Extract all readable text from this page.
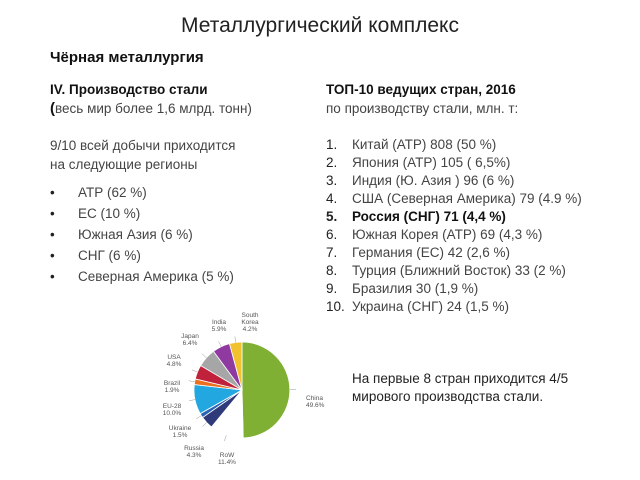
Металлургический комплекс
Чёрная металлургия
IV. Производство стали
(весь мир более 1,6 млрд. тонн)
9/10 всей добычи приходится
на следующие регионы
• АТР (62 %)
• ЕС (10 %)
• Южная Азия (6 %)
• СНГ (6 %)
• Северная Америка (5 %)
ТОП-10 ведущих стран, 2016
по производству стали, млн. т:
1. Китай (АТР) 808 (50 %)
2. Япония (АТР) 105 ( 6,5%)
3. Индия (Ю. Азия ) 96 (6 %)
4. США (Северная Америка) 79 (4.9 %)
5. Россия (СНГ) 71 (4,4 %)
6. Южная Корея (АТР) 69 (4,3 %)
7. Германия (ЕС) 42 (2,6 %)
8. Турция (Ближний Восток) 33 (2 %)
9. Бразилия 30 (1,9 %)
10. Украина (СНГ) 24 (1,5 %)
China 49.6%
RoW 11.4%
Russia 4.3%
Ukraine 1.5%
EU-28 10.0%
Brazil 1.9%
USA 4.8%
Japan 6.4%
India 5.9%
South Korea 4.2%
На первые 8 стран приходится 4/5
мирового производства стали.
